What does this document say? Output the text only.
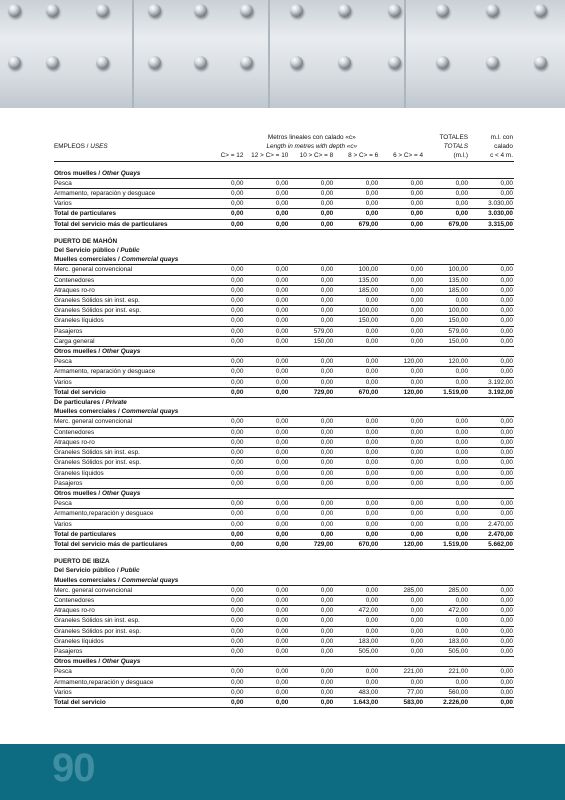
	Metros lineales con calado «c»					TOTALES	m.l. con
EMPLEOS / USES	Length in metres with depth «c»					TOTALS	calado
	C> = 12	12 > C> = 10	10 > C> = 8	8 > C> = 6	6 > C> = 4	(m.l.)	c < 4 m.

Otros muelles / Other Quays							
Pesca	0,00	0,00	0,00	0,00	0,00	0,00	0,00
Armamento, reparación y desguace	0,00	0,00	0,00	0,00	0,00	0,00	0,00
Varios	0,00	0,00	0,00	0,00	0,00	0,00	3.030,00
Total de particulares	0,00	0,00	0,00	0,00	0,00	0,00	3.030,00
Total del servicio más de particulares	0,00	0,00	0,00	679,00	0,00	679,00	3.315,00

PUERTO DE MAHÓN							
Del Servicio público / Public							
Muelles comerciales / Commercial quays							
Merc. general convencional	0,00	0,00	0,00	100,00	0,00	100,00	0,00
Contenedores	0,00	0,00	0,00	135,00	0,00	135,00	0,00
Atraques ro-ro	0,00	0,00	0,00	185,00	0,00	185,00	0,00
Graneles Sólidos sin inst. esp.	0,00	0,00	0,00	0,00	0,00	0,00	0,00
Graneles Sólidos por inst. esp.	0,00	0,00	0,00	100,00	0,00	100,00	0,00
Graneles líquidos	0,00	0,00	0,00	150,00	0,00	150,00	0,00
Pasajeros	0,00	0,00	579,00	0,00	0,00	579,00	0,00
Carga general	0,00	0,00	150,00	0,00	0,00	150,00	0,00
Otros muelles / Other Quays							
Pesca	0,00	0,00	0,00	0,00	120,00	120,00	0,00
Armamento, reparación y desguace	0,00	0,00	0,00	0,00	0,00	0,00	0,00
Varios	0,00	0,00	0,00	0,00	0,00	0,00	3.192,00
Total del servicio	0,00	0,00	729,00	670,00	120,00	1.519,00	3.192,00
De particulares / Private							
Muelles comerciales / Commercial quays							
Merc. general convencional	0,00	0,00	0,00	0,00	0,00	0,00	0,00
Contenedores	0,00	0,00	0,00	0,00	0,00	0,00	0,00
Atraques ro-ro	0,00	0,00	0,00	0,00	0,00	0,00	0,00
Graneles Sólidos sin inst. esp.	0,00	0,00	0,00	0,00	0,00	0,00	0,00
Graneles Sólidos por inst. esp.	0,00	0,00	0,00	0,00	0,00	0,00	0,00
Graneles líquidos	0,00	0,00	0,00	0,00	0,00	0,00	0,00
Pasajeros	0,00	0,00	0,00	0,00	0,00	0,00	0,00
Otros muelles / Other Quays							
Pesca	0,00	0,00	0,00	0,00	0,00	0,00	0,00
Armamento,reparación y desguace	0,00	0,00	0,00	0,00	0,00	0,00	0,00
Varios	0,00	0,00	0,00	0,00	0,00	0,00	2.470,00
Total de particulares	0,00	0,00	0,00	0,00	0,00	0,00	2.470,00
Total del servicio más de particulares	0,00	0,00	729,00	670,00	120,00	1.519,00	5.662,00

PUERTO DE IBIZA							
Del Servicio público / Public							
Muelles comerciales / Commercial quays							
Merc. general convencional	0,00	0,00	0,00	0,00	285,00	285,00	0,00
Contenedores	0,00	0,00	0,00	0,00	0,00	0,00	0,00
Atraques ro-ro	0,00	0,00	0,00	472,00	0,00	472,00	0,00
Graneles Sólidos sin inst. esp.	0,00	0,00	0,00	0,00	0,00	0,00	0,00
Graneles Sólidos por inst. esp.	0,00	0,00	0,00	0,00	0,00	0,00	0,00
Graneles líquidos	0,00	0,00	0,00	183,00	0,00	183,00	0,00
Pasajeros	0,00	0,00	0,00	505,00	0,00	505,00	0,00
Otros muelles / Other Quays							
Pesca	0,00	0,00	0,00	0,00	221,00	221,00	0,00
Armamento,reparación y desguace	0,00	0,00	0,00	0,00	0,00	0,00	0,00
Varios	0,00	0,00	0,00	483,00	77,00	560,00	0,00
Total del servicio	0,00	0,00	0,00	1.643,00	583,00	2.226,00	0,00
90
